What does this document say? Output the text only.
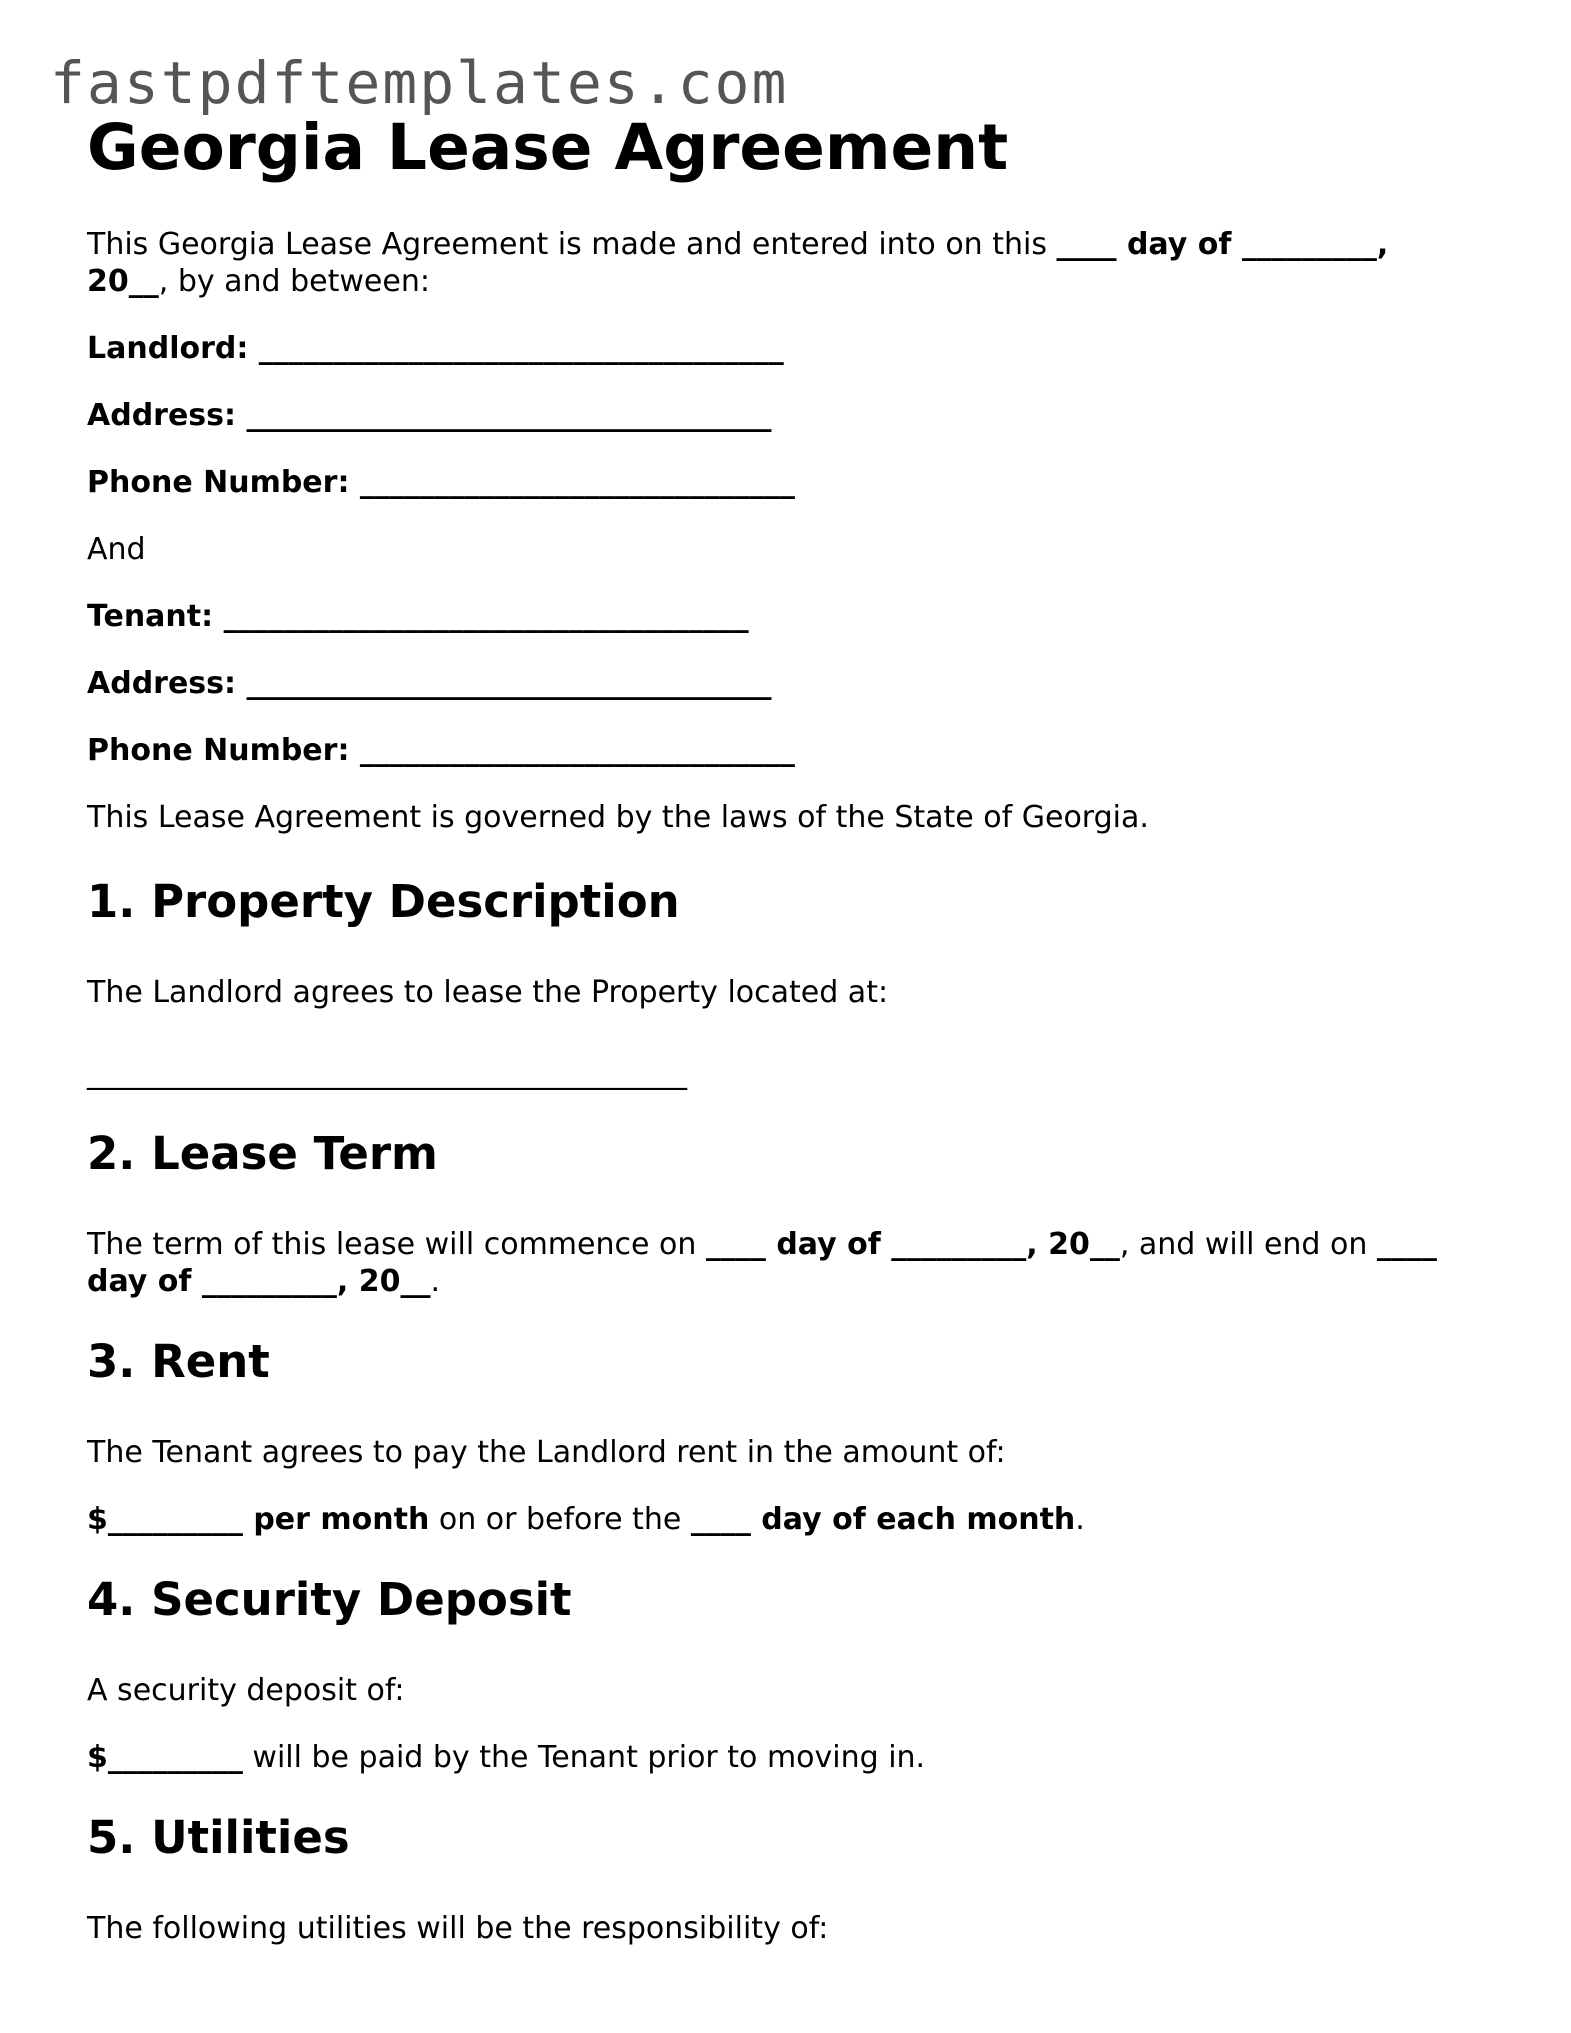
fastpdftemplates.com
Georgia Lease Agreement

This Georgia Lease Agreement is made and entered into on this ____ day of _________, 20__, by and between:

Landlord: ___________________________________

Address: ___________________________________

Phone Number: _____________________________

And

Tenant: ___________________________________

Address: ___________________________________

Phone Number: _____________________________

This Lease Agreement is governed by the laws of the State of Georgia.

1. Property Description

The Landlord agrees to lease the Property located at:

________________________________________

2. Lease Term

The term of this lease will commence on ____ day of _________, 20__, and will end on ____ day of _________, 20__.

3. Rent

The Tenant agrees to pay the Landlord rent in the amount of:

$_________ per month on or before the ____ day of each month.

4. Security Deposit

A security deposit of:

$_________ will be paid by the Tenant prior to moving in.

5. Utilities

The following utilities will be the responsibility of:
